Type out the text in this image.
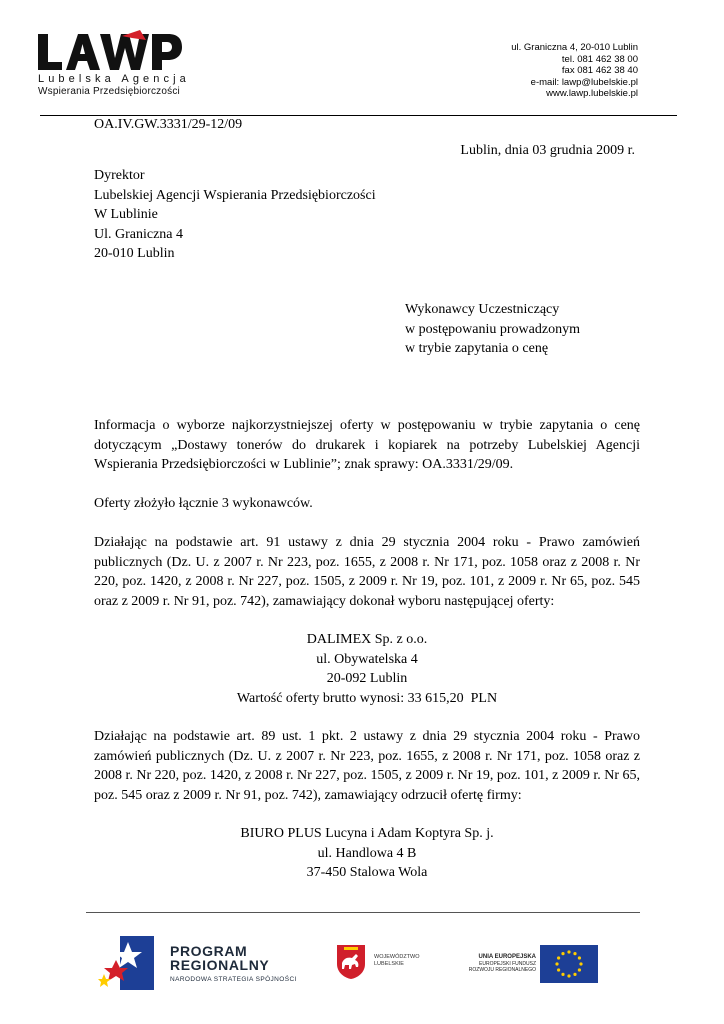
Lubelska Agencja
Wspierania Przedsiębiorczości
ul. Graniczna 4, 20-010 Lublin
tel. 081 462 38 00
fax 081 462 38 40
e-mail: lawp@lubelskie.pl
www.lawp.lubelskie.pl
OA.IV.GW.3331/29-12/09
Lublin, dnia 03 grudnia 2009 r.
Dyrektor
Lubelskiej Agencji Wspierania Przedsiębiorczości
W Lublinie
Ul. Graniczna 4
20-010 Lublin
Wykonawcy Uczestniczący
w postępowaniu prowadzonym
w trybie zapytania o cenę
Informacja o wyborze najkorzystniejszej oferty w postępowaniu w trybie zapytania o cenę dotyczącym „Dostawy tonerów do drukarek i kopiarek na potrzeby Lubelskiej Agencji Wspierania Przedsiębiorczości w Lublinie”; znak sprawy: OA.3331/29/09.
Oferty złożyło łącznie 3 wykonawców.
Działając na podstawie art. 91 ustawy z dnia 29 stycznia 2004 roku - Prawo zamówień publicznych (Dz. U. z 2007 r. Nr 223, poz. 1655, z 2008 r. Nr 171, poz. 1058 oraz z 2008 r. Nr 220, poz. 1420, z 2008 r. Nr 227, poz. 1505, z 2009 r. Nr 19, poz. 101, z 2009 r. Nr 65, poz. 545 oraz z 2009 r. Nr 91, poz. 742), zamawiający dokonał wyboru następującej oferty:
DALIMEX Sp. z o.o.
ul. Obywatelska 4
20-092 Lublin
Wartość oferty brutto wynosi: 33 615,20  PLN
Działając na podstawie art. 89 ust. 1 pkt. 2 ustawy z dnia 29 stycznia 2004 roku - Prawo zamówień publicznych (Dz. U. z 2007 r. Nr 223, poz. 1655, z 2008 r. Nr 171, poz. 1058 oraz z 2008 r. Nr 220, poz. 1420, z 2008 r. Nr 227, poz. 1505, z 2009 r. Nr 19, poz. 101, z 2009 r. Nr 65, poz. 545 oraz z 2009 r. Nr 91, poz. 742), zamawiający odrzucił ofertę firmy:
BIURO PLUS Lucyna i Adam Koptyra Sp. j.
ul. Handlowa 4 B
37-450 Stalowa Wola
PROGRAM
REGIONALNY
NARODOWA STRATEGIA SPÓJNOŚCI
WOJEWÓDZTWO
LUBELSKIE
UNIA EUROPEJSKA
EUROPEJSKI FUNDUSZ
ROZWOJU REGIONALNEGO
